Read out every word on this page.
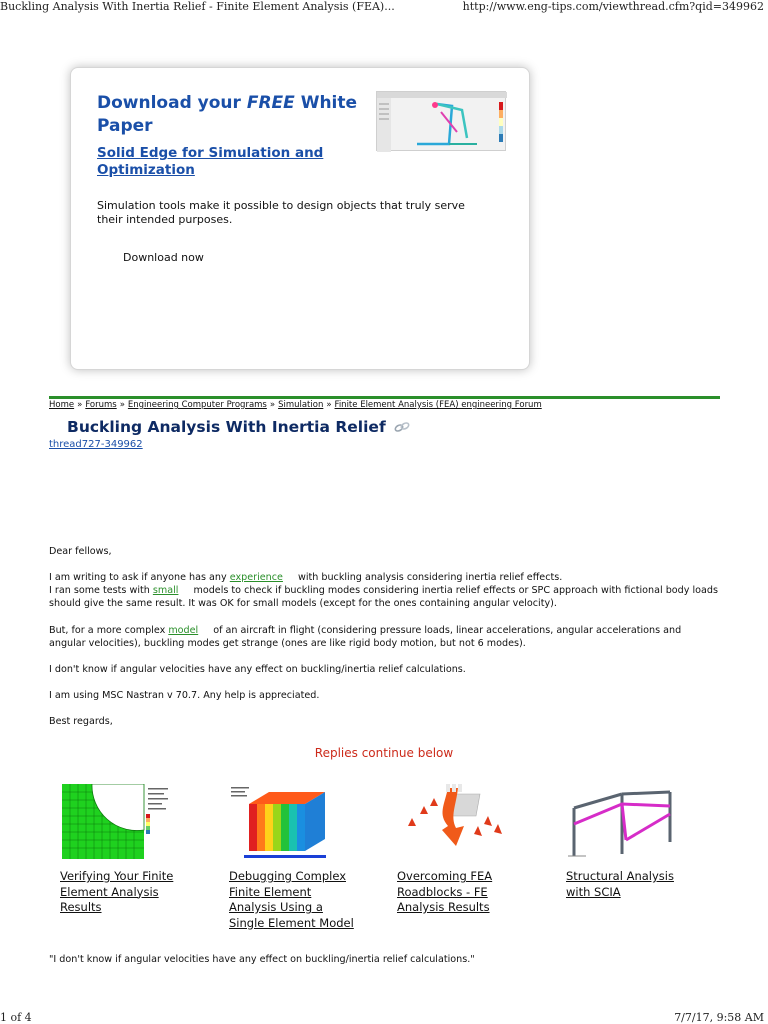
Buckling Analysis With Inertia Relief - Finite Element Analysis (FEA)...	http://www.eng-tips.com/viewthread.cfm?qid=349962
Download your FREE White Paper
Solid Edge for Simulation and Optimization
Simulation tools make it possible to design objects that truly serve their intended purposes.
Download now
Home » Forums » Engineering Computer Programs » Simulation » Finite Element Analysis (FEA) engineering Forum
Buckling Analysis With Inertia Relief
thread727-349962
Dear fellows,
I am writing to ask if anyone has any experience with buckling analysis considering inertia relief effects.
I ran some tests with small models to check if buckling modes considering inertia relief effects or SPC approach with fictional body loads should give the same result. It was OK for small models (except for the ones containing angular velocity).
But, for a more complex model of an aircraft in flight (considering pressure loads, linear accelerations, angular accelerations and angular velocities), buckling modes get strange (ones are like rigid body motion, but not 6 modes).
I don't know if angular velocities have any effect on buckling/inertia relief calculations.
I am using MSC Nastran v 70.7. Any help is appreciated.
Best regards,
Replies continue below
Verifying Your Finite Element Analysis Results
Debugging Complex Finite Element Analysis Using a Single Element Model
Overcoming FEA Roadblocks - FE Analysis Results
Structural Analysis with SCIA
"I don't know if angular velocities have any effect on buckling/inertia relief calculations."
1 of 4	7/7/17, 9:58 AM
